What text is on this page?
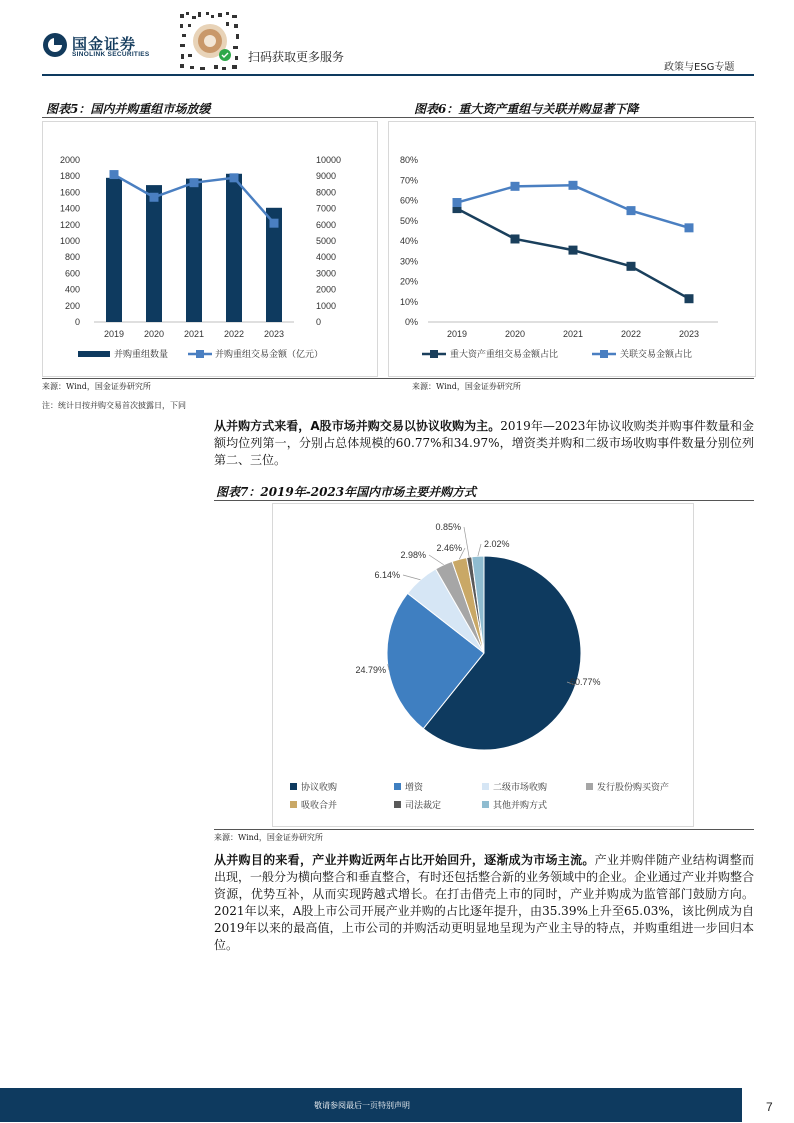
国金证券
SINOLINK SECURITIES	扫码获取更多服务
政策与ESG专题
图表5：国内并购重组市场放缓
0
200
400
600
800
1000
1200
1400
1600
1800
2000
0
1000
2000
3000
4000
5000
6000
7000
8000
9000
10000
2019 2020 2021 2022 2023
并购重组数量	并购重组交易金额（亿元）
图表6：重大资产重组与关联并购显著下降
0%
10%
20%
30%
40%
50%
60%
70%
80%
2019	2020	2021	2022	2023
重大资产重组交易金额占比	关联交易金额占比
来源：Wind，国金证券研究所	来源：Wind，国金证券研究所
注：统计日按并购交易首次披露日，下同
从并购方式来看，A股市场并购交易以协议收购为主。2019年—2023年协议收购类并购事件数量和金额均位列第一，分别占总体规模的60.77%和34.97%，增资类并购和二级市场收购事件数量分别位列第二、三位。
图表7：2019年-2023年国内市场主要并购方式
60.77%
24.79%
6.14%
2.98%
2.46%
0.85%
2.02%
协议收购	增资	二级市场收购	发行股份购买资产
吸收合并	司法裁定	其他并购方式
来源：Wind，国金证券研究所
从并购目的来看，产业并购近两年占比开始回升，逐渐成为市场主流。产业并购伴随产业结构调整而出现，一般分为横向整合和垂直整合，有时还包括整合新的业务领域中的企业。企业通过产业并购整合资源，优势互补，从而实现跨越式增长。在打击借壳上市的同时，产业并购成为监管部门鼓励方向。2021年以来，A股上市公司开展产业并购的占比逐年提升，由35.39%上升至65.03%，该比例成为自2019年以来的最高值，上市公司的并购活动更明显地呈现为产业主导的特点，并购重组进一步回归本位。
敬请参阅最后一页特别声明	7
